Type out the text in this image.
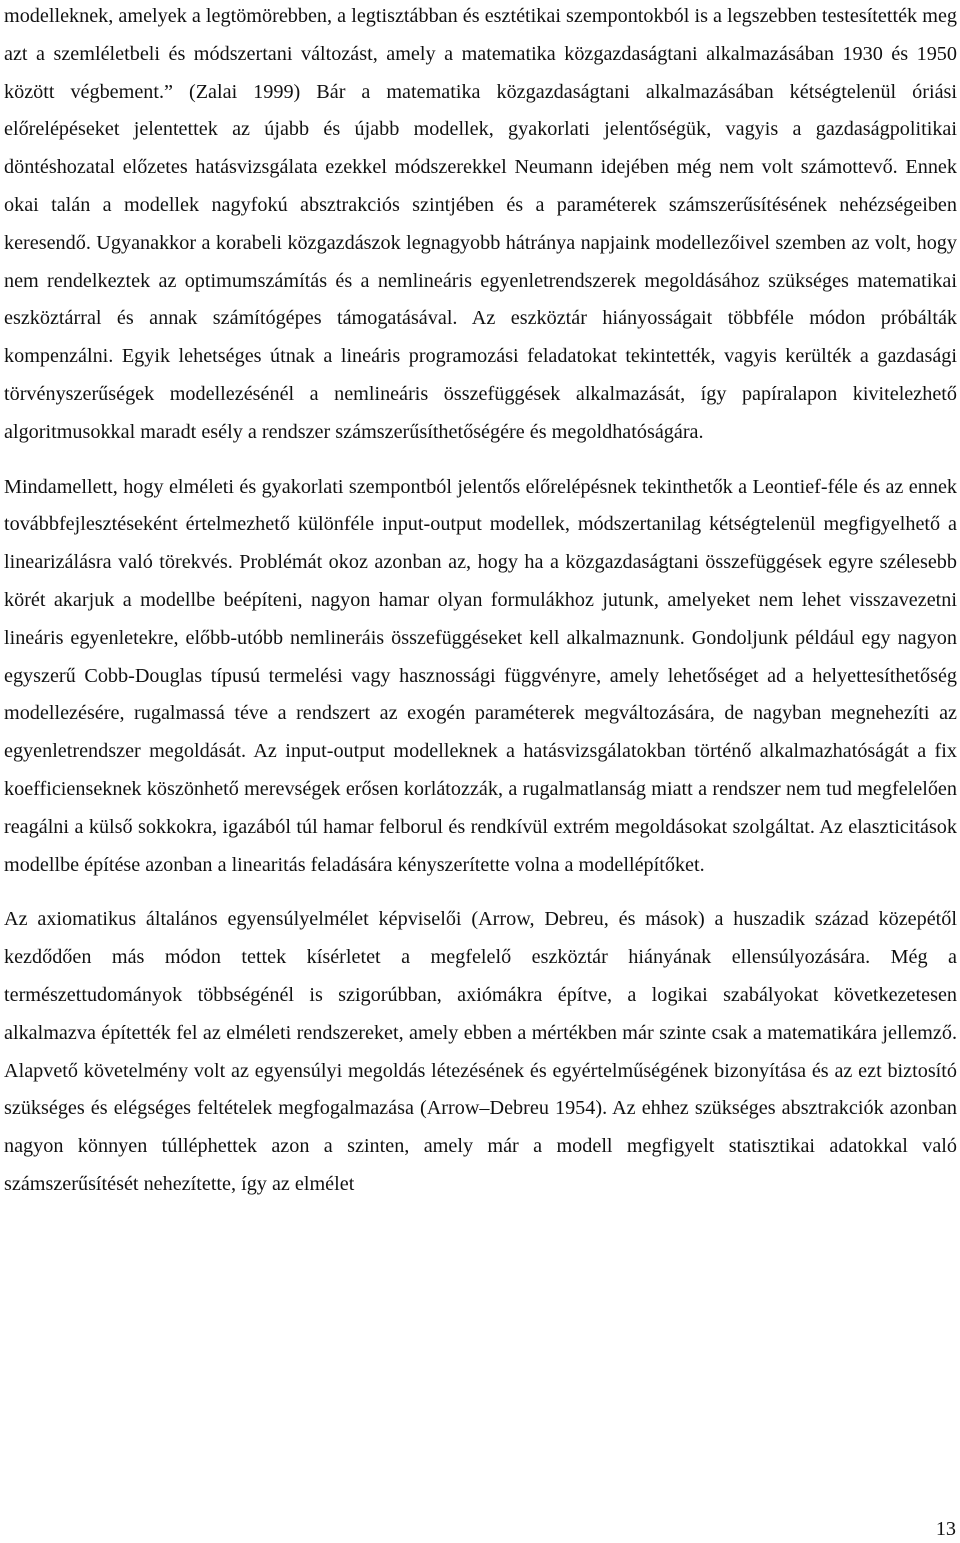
modelleknek, amelyek a legtömörebben, a legtisztábban és esztétikai szempontokból is a legszebben testesítették meg azt a szemléletbeli és módszertani változást, amely a matematika közgazdaságtani alkalmazásában 1930 és 1950 között végbement.” (Zalai 1999) Bár a matematika közgazdaságtani alkalmazásában kétségtelenül óriási előrelépéseket jelentettek az újabb és újabb modellek, gyakorlati jelentőségük, vagyis a gazdaságpolitikai döntéshozatal előzetes hatásvizsgálata ezekkel módszerekkel Neumann idejében még nem volt számottevő. Ennek okai talán a modellek nagyfokú absztrakciós szintjében és a paraméterek számszerűsítésének nehézségeiben keresendő. Ugyanakkor a korabeli közgazdászok legnagyobb hátránya napjaink modellezőivel szemben az volt, hogy nem rendelkeztek az optimumszámítás és a nemlineáris egyenletrendszerek megoldásához szükséges matematikai eszköztárral és annak számítógépes támogatásával. Az eszköztár hiányosságait többféle módon próbálták kompenzálni. Egyik lehetséges útnak a lineáris programozási feladatokat tekintették, vagyis kerülték a gazdasági törvényszerűségek modellezésénél a nemlineáris összefüggések alkalmazását, így papíralapon kivitelezhető algoritmusokkal maradt esély a rendszer számszerűsíthetőségére és megoldhatóságára.

Mindamellett, hogy elméleti és gyakorlati szempontból jelentős előrelépésnek tekinthetők a Leontief-féle és az ennek továbbfejlesztéseként értelmezhető különféle input-output modellek, módszertanilag kétségtelenül megfigyelhető a linearizálásra való törekvés. Problémát okoz azonban az, hogy ha a közgazdaságtani összefüggések egyre szélesebb körét akarjuk a modellbe beépíteni, nagyon hamar olyan formulákhoz jutunk, amelyeket nem lehet visszavezetni lineáris egyenletekre, előbb-utóbb nemlineráis összefüggéseket kell alkalmaznunk. Gondoljunk például egy nagyon egyszerű Cobb-Douglas típusú termelési vagy hasznossági függvényre, amely lehetőséget ad a helyettesíthetőség modellezésére, rugalmassá téve a rendszert az exogén paraméterek megváltozására, de nagyban megnehezíti az egyenletrendszer megoldását. Az input-output modelleknek a hatásvizsgálatokban történő alkalmazhatóságát a fix koefficienseknek köszönhető merevségek erősen korlátozzák, a rugalmatlanság miatt a rendszer nem tud megfelelően reagálni a külső sokkokra, igazából túl hamar felborul és rendkívül extrém megoldásokat szolgáltat. Az elaszticitások modellbe építése azonban a linearitás feladására kényszerítette volna a modellépítőket.

Az axiomatikus általános egyensúlyelmélet képviselői (Arrow, Debreu, és mások) a huszadik század közepétől kezdődően más módon tettek kísérletet a megfelelő eszköztár hiányának ellensúlyozására. Még a természettudományok többségénél is szigorúbban, axiómákra építve, a logikai szabályokat következetesen alkalmazva építették fel az elméleti rendszereket, amely ebben a mértékben már szinte csak a matematikára jellemző. Alapvető követelmény volt az egyensúlyi megoldás létezésének és egyértelműségének bizonyítása és az ezt biztosító szükséges és elégséges feltételek megfogalmazása (Arrow–Debreu 1954). Az ehhez szükséges absztrakciók azonban nagyon könnyen túlléphettek azon a szinten, amely már a modell megfigyelt statisztikai adatokkal való számszerűsítését nehezítette, így az elmélet

13
